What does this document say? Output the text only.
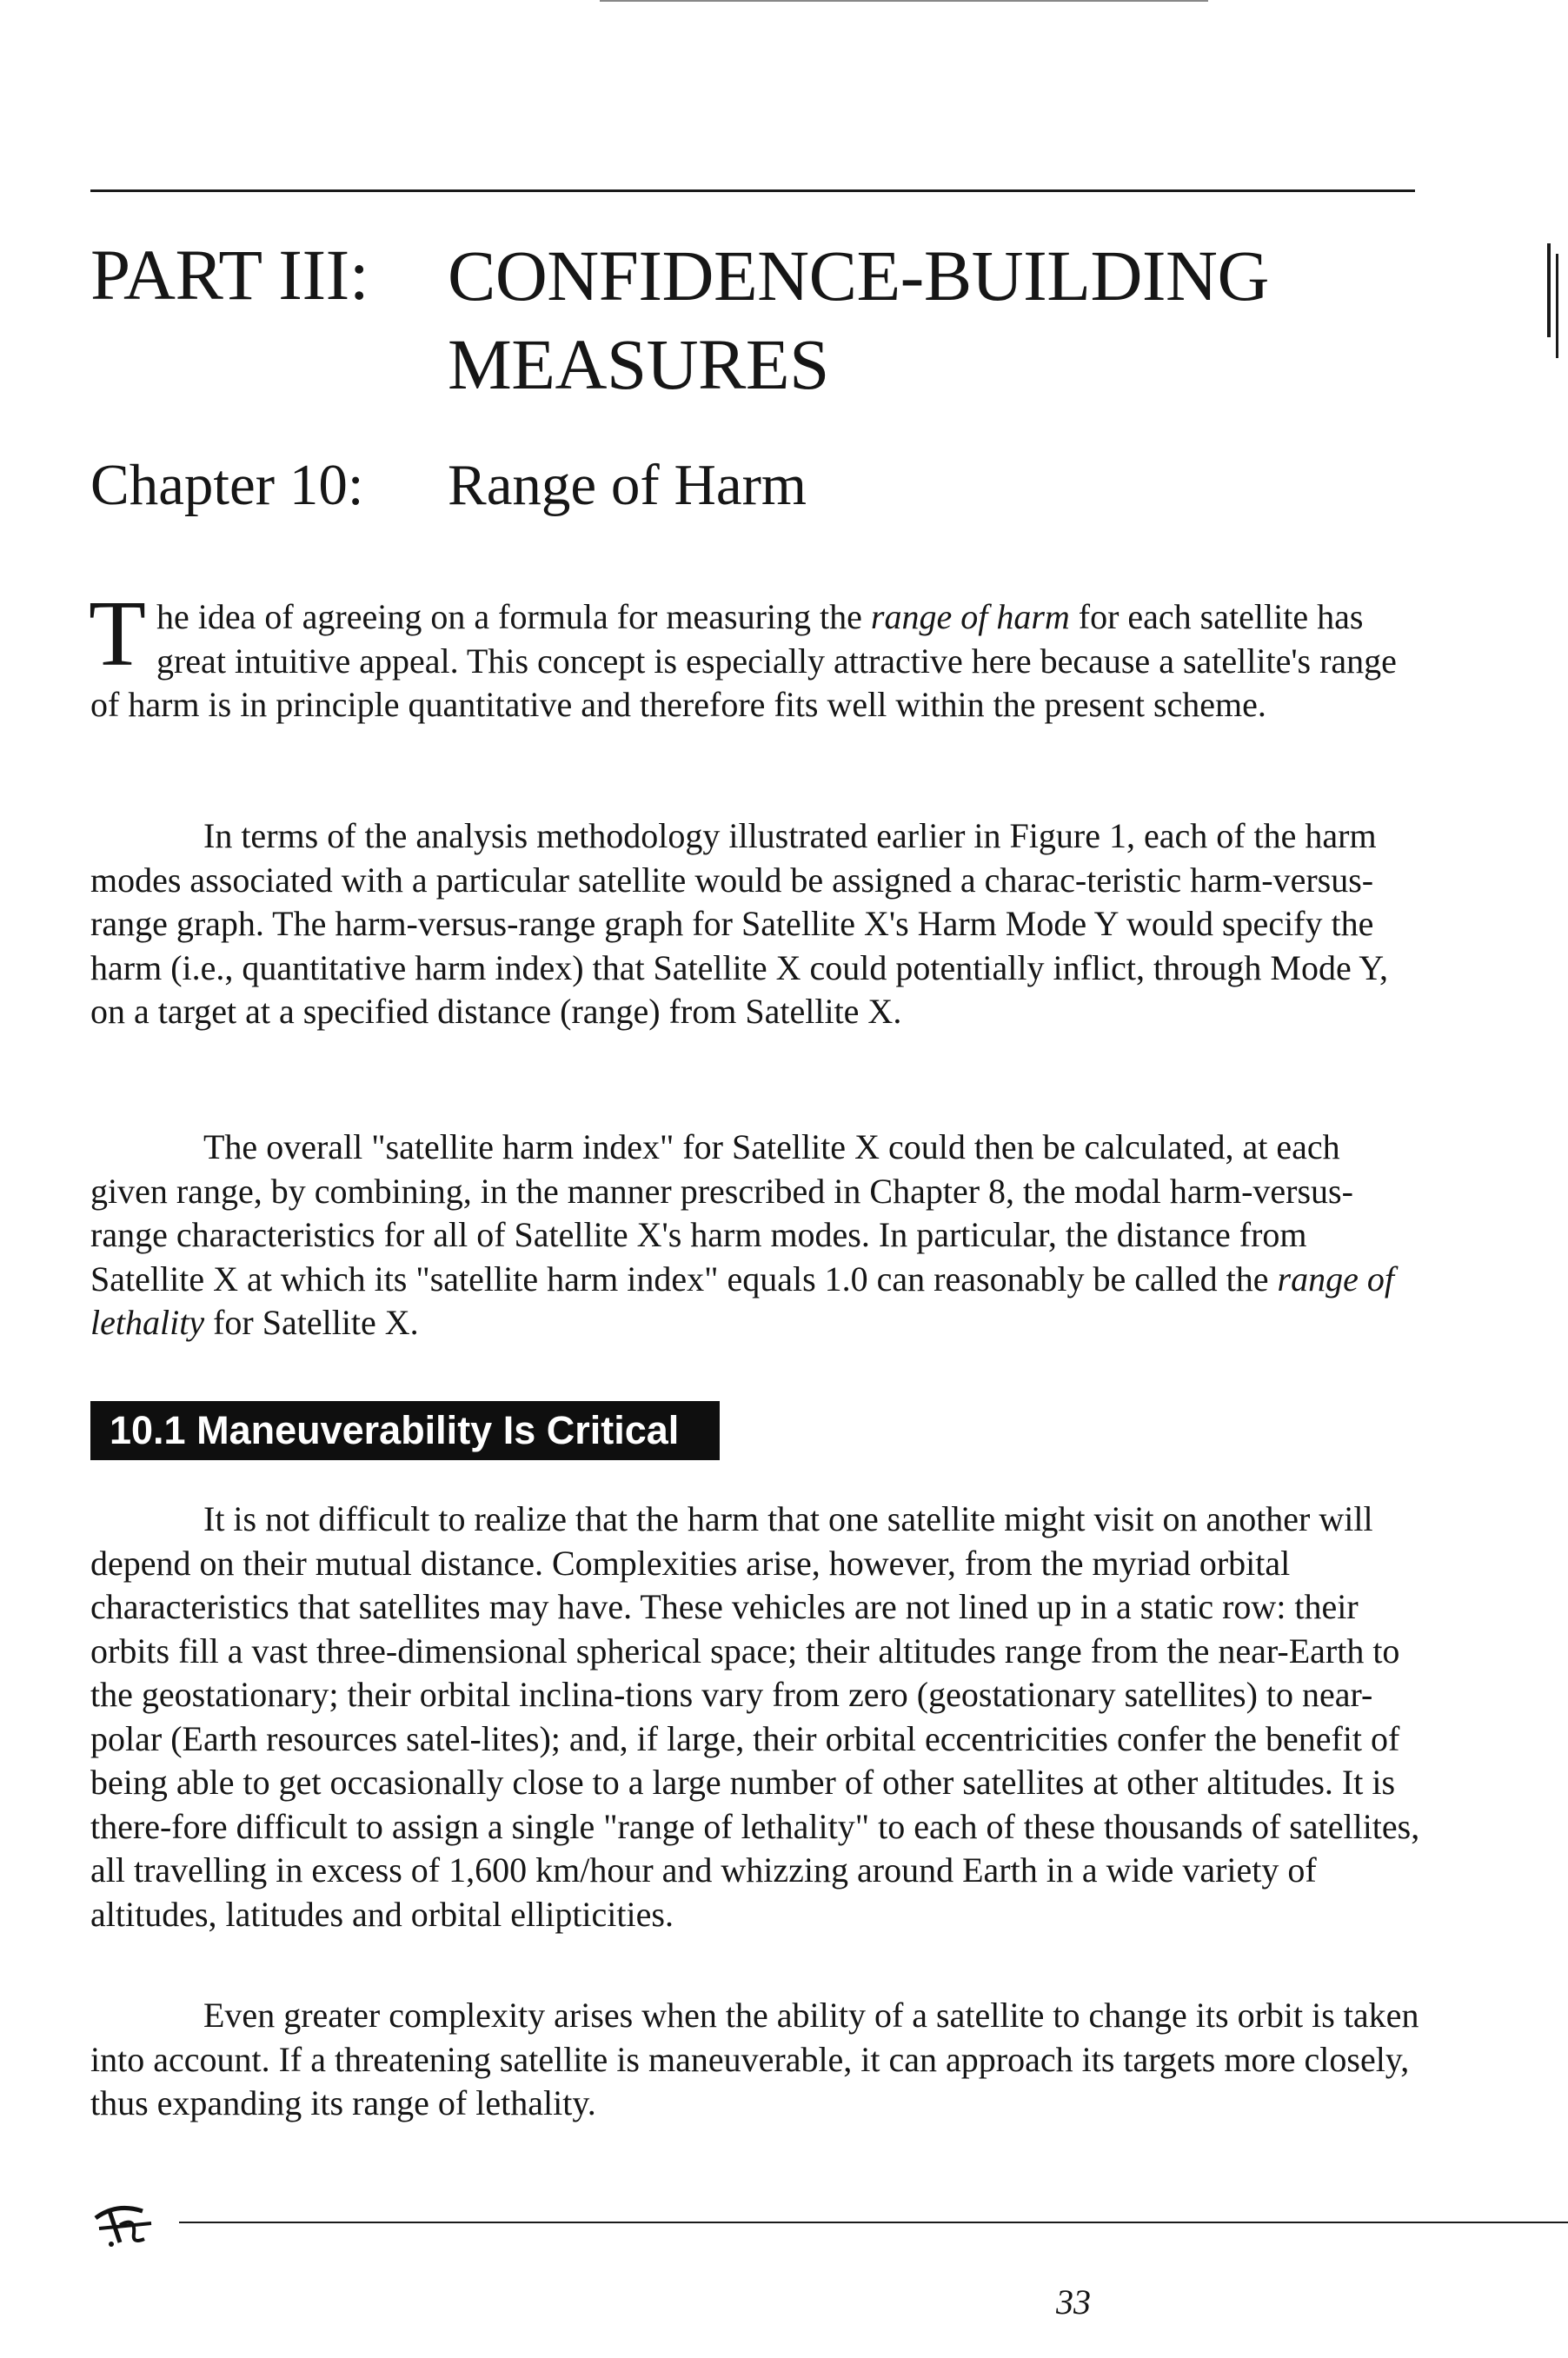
PART III: CONFIDENCE-BUILDING MEASURES
Chapter 10: Range of Harm

The idea of agreeing on a formula for measuring the range of harm for each satellite has great intuitive appeal. This concept is especially attractive here because a satellite's range of harm is in principle quantitative and therefore fits well within the present scheme.

In terms of the analysis methodology illustrated earlier in Figure 1, each of the harm modes associated with a particular satellite would be assigned a charac-teristic harm-versus-range graph. The harm-versus-range graph for Satellite X's Harm Mode Y would specify the harm (i.e., quantitative harm index) that Satellite X could potentially inflict, through Mode Y, on a target at a specified distance (range) from Satellite X.

The overall "satellite harm index" for Satellite X could then be calculated, at each given range, by combining, in the manner prescribed in Chapter 8, the modal harm-versus-range characteristics for all of Satellite X's harm modes. In particular, the distance from Satellite X at which its "satellite harm index" equals 1.0 can reasonably be called the range of lethality for Satellite X.

10.1 Maneuverability Is Critical

It is not difficult to realize that the harm that one satellite might visit on another will depend on their mutual distance. Complexities arise, however, from the myriad orbital characteristics that satellites may have. These vehicles are not lined up in a static row: their orbits fill a vast three-dimensional spherical space; their altitudes range from the near-Earth to the geostationary; their orbital inclina-tions vary from zero (geostationary satellites) to near-polar (Earth resources satel-lites); and, if large, their orbital eccentricities confer the benefit of being able to get occasionally close to a large number of other satellites at other altitudes. It is there-fore difficult to assign a single "range of lethality" to each of these thousands of satellites, all travelling in excess of 1,600 km/hour and whizzing around Earth in a wide variety of altitudes, latitudes and orbital ellipticities.

Even greater complexity arises when the ability of a satellite to change its orbit is taken into account. If a threatening satellite is maneuverable, it can approach its targets more closely, thus expanding its range of lethality.

33
